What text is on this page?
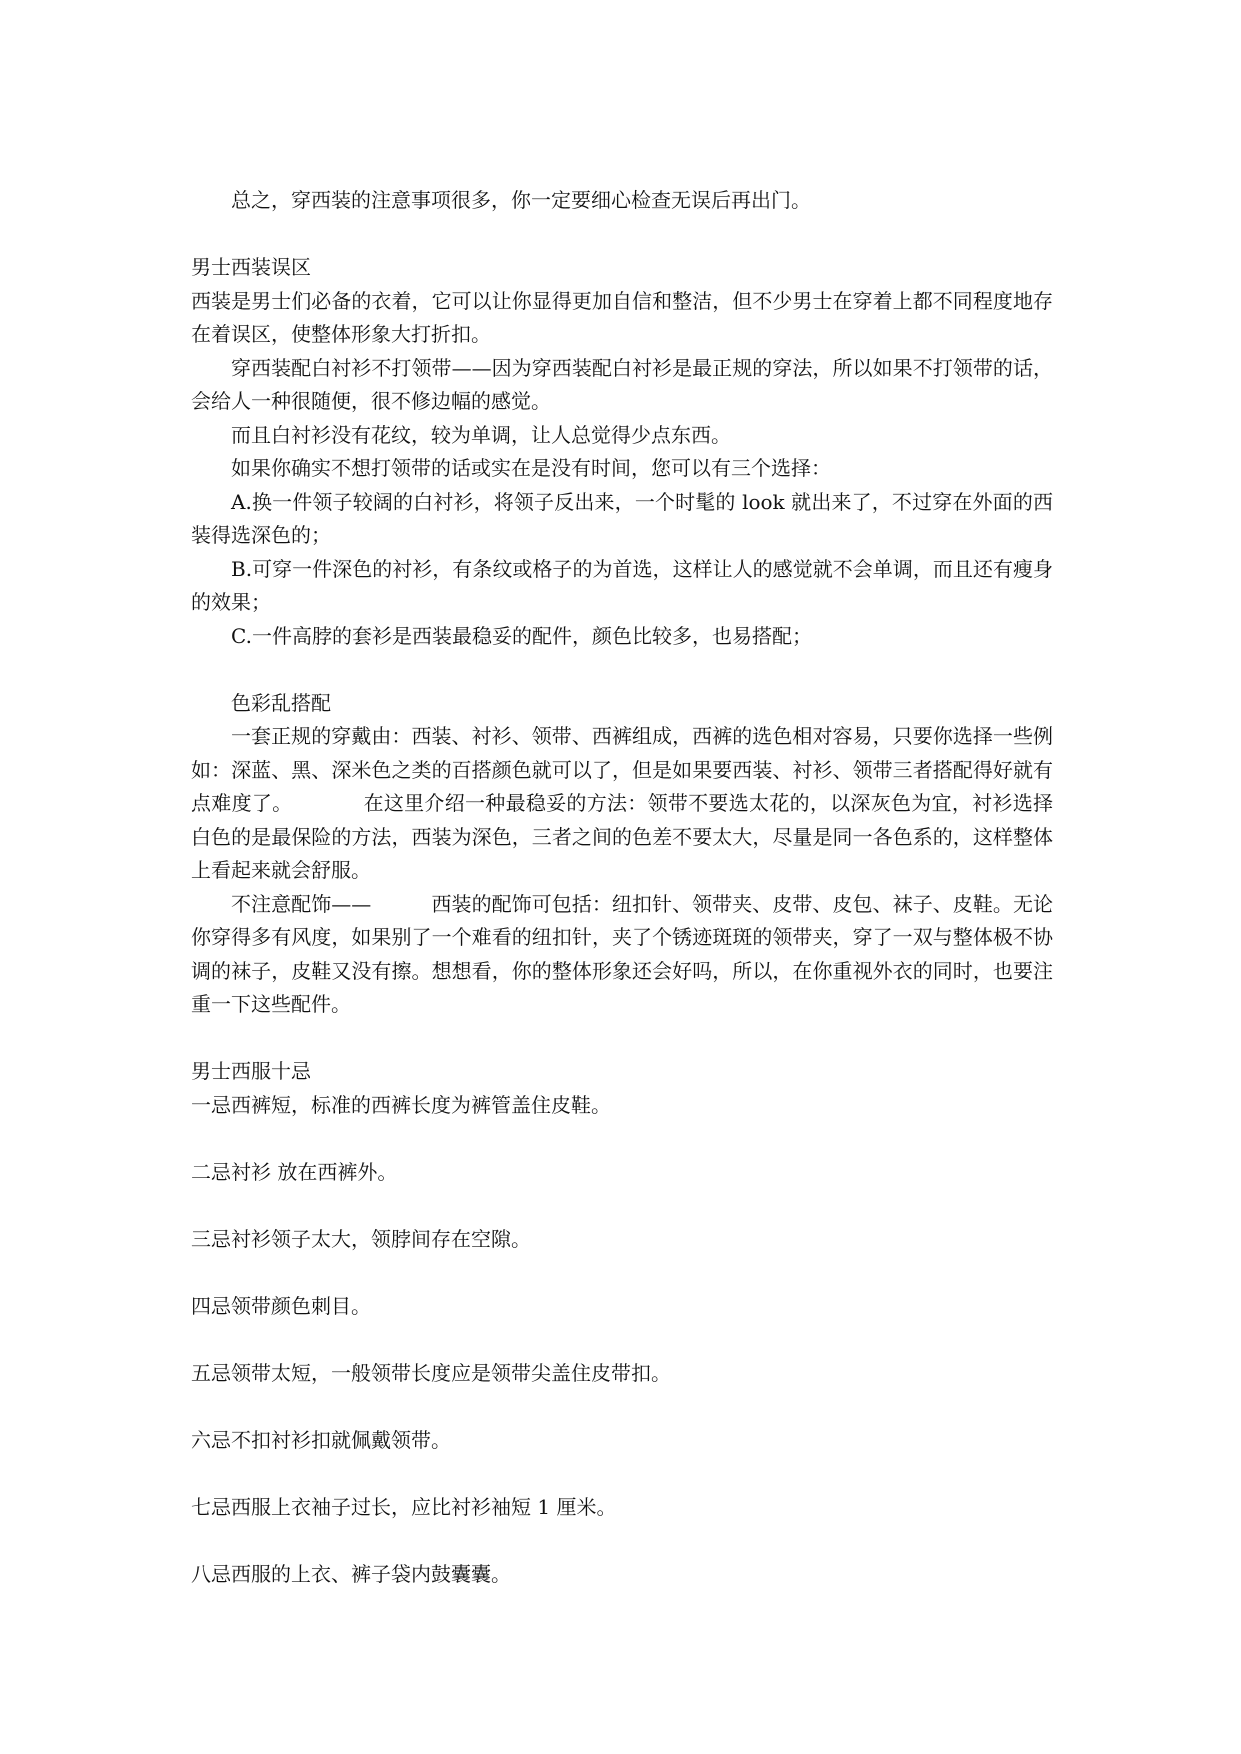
总之，穿西装的注意事项很多，你一定要细心检查无误后再出门。

男士西装误区

西装是男士们必备的衣着，它可以让你显得更加自信和整洁，但不少男士在穿着上都不同程度地存在着误区，使整体形象大打折扣。

穿西装配白衬衫不打领带——因为穿西装配白衬衫是最正规的穿法，所以如果不打领带的话，会给人一种很随便，很不修边幅的感觉。

而且白衬衫没有花纹，较为单调，让人总觉得少点东西。

如果你确实不想打领带的话或实在是没有时间，您可以有三个选择：

A.换一件领子较阔的白衬衫，将领子反出来，一个时髦的 look 就出来了，不过穿在外面的西装得选深色的；

B.可穿一件深色的衬衫，有条纹或格子的为首选，这样让人的感觉就不会单调，而且还有瘦身的效果；

C.一件高脖的套衫是西装最稳妥的配件，颜色比较多，也易搭配；

色彩乱搭配

一套正规的穿戴由：西装、衬衫、领带、西裤组成，西裤的选色相对容易，只要你选择一些例如：深蓝、黑、深米色之类的百搭颜色就可以了，但是如果要西装、衬衫、领带三者搭配得好就有点难度了。　　　　在这里介绍一种最稳妥的方法：领带不要选太花的，以深灰色为宜，衬衫选择白色的是最保险的方法，西装为深色，三者之间的色差不要太大，尽量是同一各色系的，这样整体上看起来就会舒服。

不注意配饰——　　　西装的配饰可包括：纽扣针、领带夹、皮带、皮包、袜子、皮鞋。无论 你穿得多有风度，如果别了一个难看的纽扣针，夹了个锈迹斑斑的领带夹，穿了一双与整体极不协调的袜子，皮鞋又没有擦。想想看，你的整体形象还会好吗，所以，在你重视外衣的同时，也要注重一下这些配件。

男士西服十忌

一忌西裤短，标准的西裤长度为裤管盖住皮鞋。

二忌衬衫 放在西裤外。

三忌衬衫领子太大，领脖间存在空隙。

四忌领带颜色刺目。

五忌领带太短，一般领带长度应是领带尖盖住皮带扣。

六忌不扣衬衫扣就佩戴领带。

七忌西服上衣袖子过长，应比衬衫袖短 1 厘米。

八忌西服的上衣、裤子袋内鼓囊囊。
